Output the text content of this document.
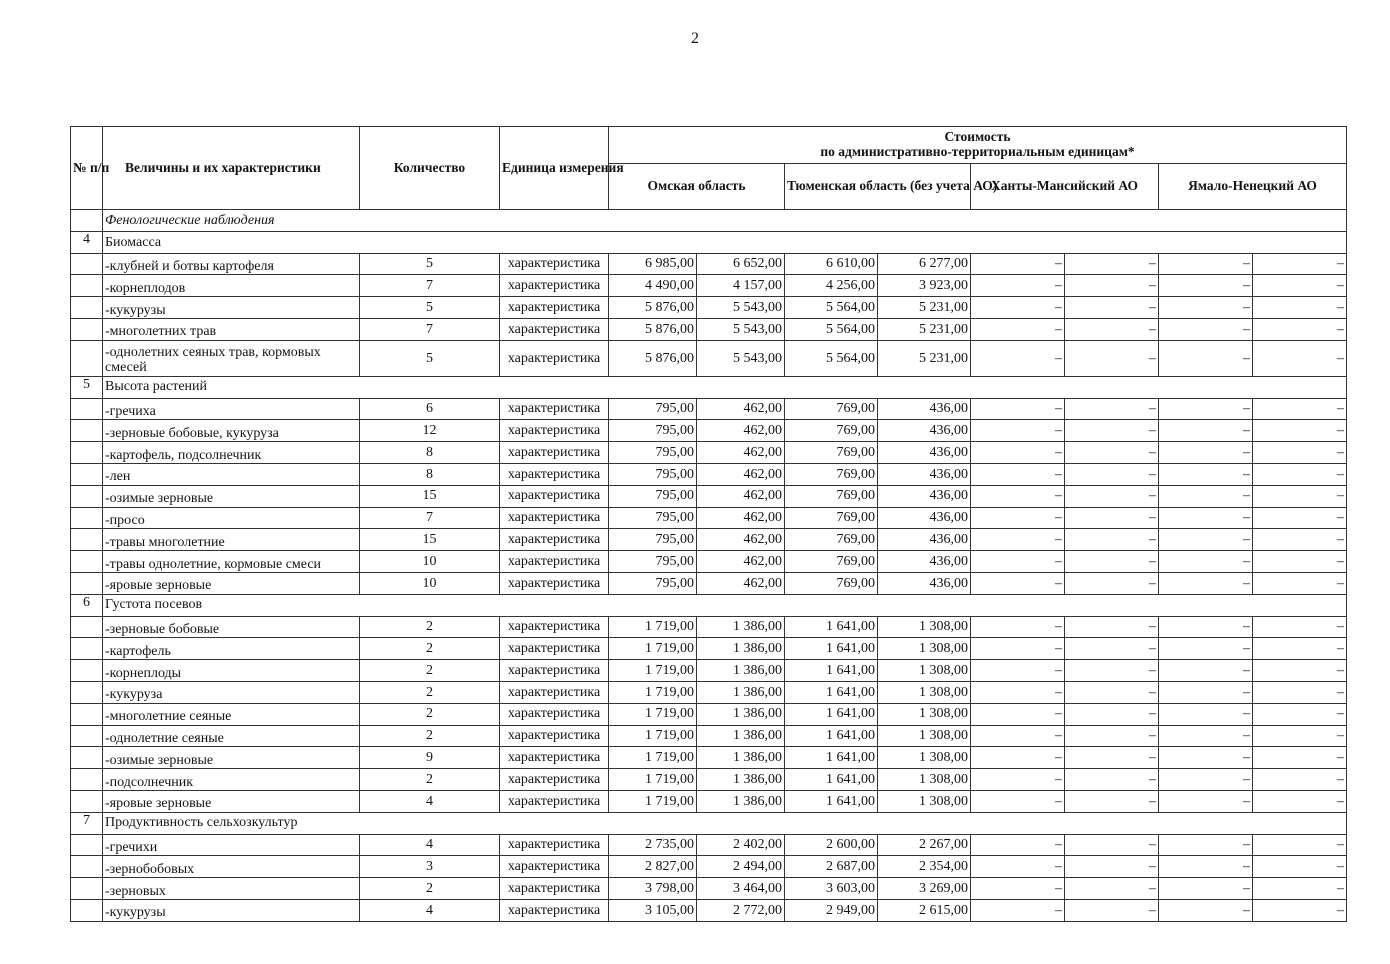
2
№ п/п	Величины и их характеристики	Количество	Единица измерения	Стоимость
по административно-территориальным единицам*							

				Омская область		Тюменская область (без учета АО)		Ханты-Мансийский АО		Ямало-Ненецкий АО	
	Фенологические наблюдения										
4	Биомасса										
	-клубней и ботвы картофеля	5	характеристика	6 985,00	6 652,00	6 610,00	6 277,00	–	–	–	–
	-корнеплодов	7	характеристика	4 490,00	4 157,00	4 256,00	3 923,00	–	–	–	–
	-кукурузы	5	характеристика	5 876,00	5 543,00	5 564,00	5 231,00	–	–	–	–
	-многолетних трав	7	характеристика	5 876,00	5 543,00	5 564,00	5 231,00	–	–	–	–
	-однолетних сеяных трав, кормовых смесей	5	характеристика	5 876,00	5 543,00	5 564,00	5 231,00	–	–	–	–
5	Высота растений										
	-гречиха	6	характеристика	795,00	462,00	769,00	436,00	–	–	–	–
	-зерновые бобовые, кукуруза	12	характеристика	795,00	462,00	769,00	436,00	–	–	–	–
	-картофель, подсолнечник	8	характеристика	795,00	462,00	769,00	436,00	–	–	–	–
	-лен	8	характеристика	795,00	462,00	769,00	436,00	–	–	–	–
	-озимые зерновые	15	характеристика	795,00	462,00	769,00	436,00	–	–	–	–
	-просо	7	характеристика	795,00	462,00	769,00	436,00	–	–	–	–
	-травы многолетние	15	характеристика	795,00	462,00	769,00	436,00	–	–	–	–
	-травы однолетние, кормовые смеси	10	характеристика	795,00	462,00	769,00	436,00	–	–	–	–
	-яровые зерновые	10	характеристика	795,00	462,00	769,00	436,00	–	–	–	–
6	Густота посевов										
	-зерновые бобовые	2	характеристика	1 719,00	1 386,00	1 641,00	1 308,00	–	–	–	–
	-картофель	2	характеристика	1 719,00	1 386,00	1 641,00	1 308,00	–	–	–	–
	-корнеплоды	2	характеристика	1 719,00	1 386,00	1 641,00	1 308,00	–	–	–	–
	-кукуруза	2	характеристика	1 719,00	1 386,00	1 641,00	1 308,00	–	–	–	–
	-многолетние сеяные	2	характеристика	1 719,00	1 386,00	1 641,00	1 308,00	–	–	–	–
	-однолетние сеяные	2	характеристика	1 719,00	1 386,00	1 641,00	1 308,00	–	–	–	–
	-озимые зерновые	9	характеристика	1 719,00	1 386,00	1 641,00	1 308,00	–	–	–	–
	-подсолнечник	2	характеристика	1 719,00	1 386,00	1 641,00	1 308,00	–	–	–	–
	-яровые зерновые	4	характеристика	1 719,00	1 386,00	1 641,00	1 308,00	–	–	–	–
7	Продуктивность сельхозкультур										
	-гречихи	4	характеристика	2 735,00	2 402,00	2 600,00	2 267,00	–	–	–	–
	-зернобобовых	3	характеристика	2 827,00	2 494,00	2 687,00	2 354,00	–	–	–	–
	-зерновых	2	характеристика	3 798,00	3 464,00	3 603,00	3 269,00	–	–	–	–
	-кукурузы	4	характеристика	3 105,00	2 772,00	2 949,00	2 615,00	–	–	–	–
